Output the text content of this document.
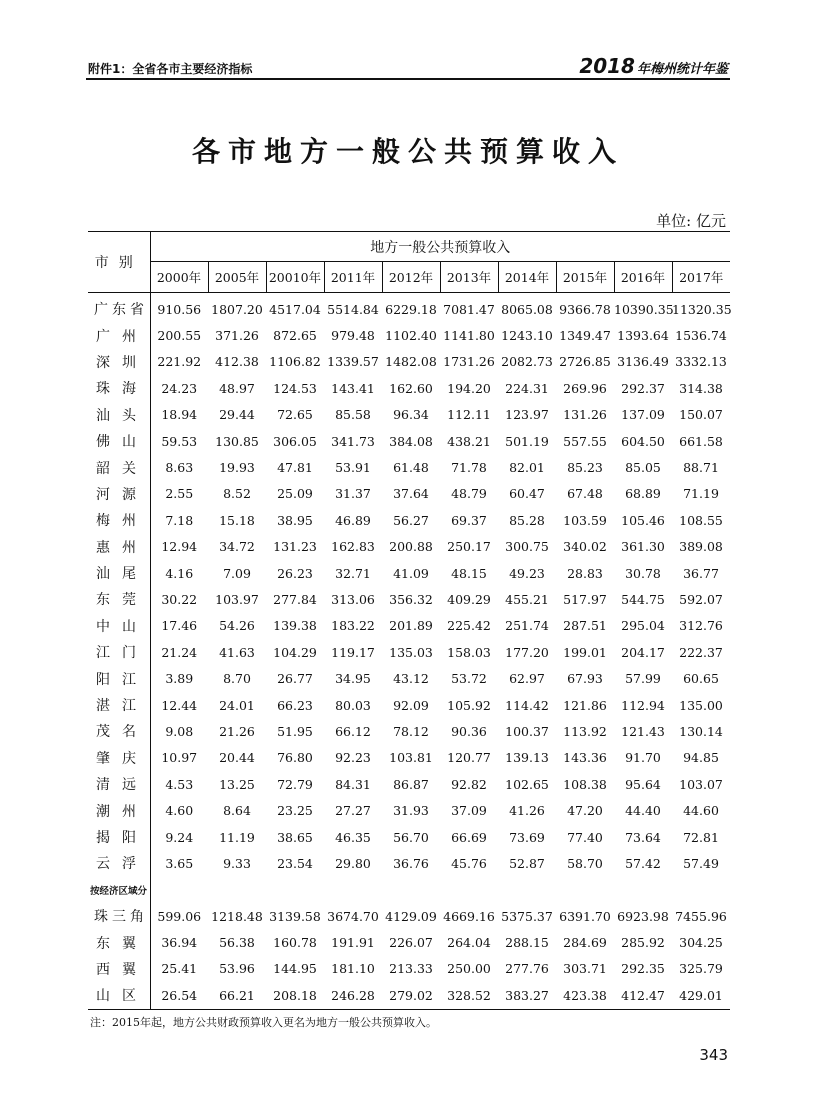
附件1：全省各市主要经济指标	2018 年梅州统计年鉴
各市地方一般公共预算收入
单位: 亿元
市别	地方一般公共预算收入									
	2000年	2005年	20010年	2011年	2012年	2013年	2014年	2015年	2016年	2017年
广东省	910.56	1807.20	4517.04	5514.84	6229.18	7081.47	8065.08	9366.78	10390.35	11320.35
广州	200.55	371.26	872.65	979.48	1102.40	1141.80	1243.10	1349.47	1393.64	1536.74
深圳	221.92	412.38	1106.82	1339.57	1482.08	1731.26	2082.73	2726.85	3136.49	3332.13
珠海	24.23	48.97	124.53	143.41	162.60	194.20	224.31	269.96	292.37	314.38
汕头	18.94	29.44	72.65	85.58	96.34	112.11	123.97	131.26	137.09	150.07
佛山	59.53	130.85	306.05	341.73	384.08	438.21	501.19	557.55	604.50	661.58
韶关	8.63	19.93	47.81	53.91	61.48	71.78	82.01	85.23	85.05	88.71
河源	2.55	8.52	25.09	31.37	37.64	48.79	60.47	67.48	68.89	71.19
梅州	7.18	15.18	38.95	46.89	56.27	69.37	85.28	103.59	105.46	108.55
惠州	12.94	34.72	131.23	162.83	200.88	250.17	300.75	340.02	361.30	389.08
汕尾	4.16	7.09	26.23	32.71	41.09	48.15	49.23	28.83	30.78	36.77
东莞	30.22	103.97	277.84	313.06	356.32	409.29	455.21	517.97	544.75	592.07
中山	17.46	54.26	139.38	183.22	201.89	225.42	251.74	287.51	295.04	312.76
江门	21.24	41.63	104.29	119.17	135.03	158.03	177.20	199.01	204.17	222.37
阳江	3.89	8.70	26.77	34.95	43.12	53.72	62.97	67.93	57.99	60.65
湛江	12.44	24.01	66.23	80.03	92.09	105.92	114.42	121.86	112.94	135.00
茂名	9.08	21.26	51.95	66.12	78.12	90.36	100.37	113.92	121.43	130.14
肇庆	10.97	20.44	76.80	92.23	103.81	120.77	139.13	143.36	91.70	94.85
清远	4.53	13.25	72.79	84.31	86.87	92.82	102.65	108.38	95.64	103.07
潮州	4.60	8.64	23.25	27.27	31.93	37.09	41.26	47.20	44.40	44.60
揭阳	9.24	11.19	38.65	46.35	56.70	66.69	73.69	77.40	73.64	72.81
云浮	3.65	9.33	23.54	29.80	36.76	45.76	52.87	58.70	57.42	57.49
按经济区域分										
珠三角	599.06	1218.48	3139.58	3674.70	4129.09	4669.16	5375.37	6391.70	6923.98	7455.96
东翼	36.94	56.38	160.78	191.91	226.07	264.04	288.15	284.69	285.92	304.25
西翼	25.41	53.96	144.95	181.10	213.33	250.00	277.76	303.71	292.35	325.79
山区	26.54	66.21	208.18	246.28	279.02	328.52	383.27	423.38	412.47	429.01
注：2015年起，地方公共财政预算收入更名为地方一般公共预算收入。
343
